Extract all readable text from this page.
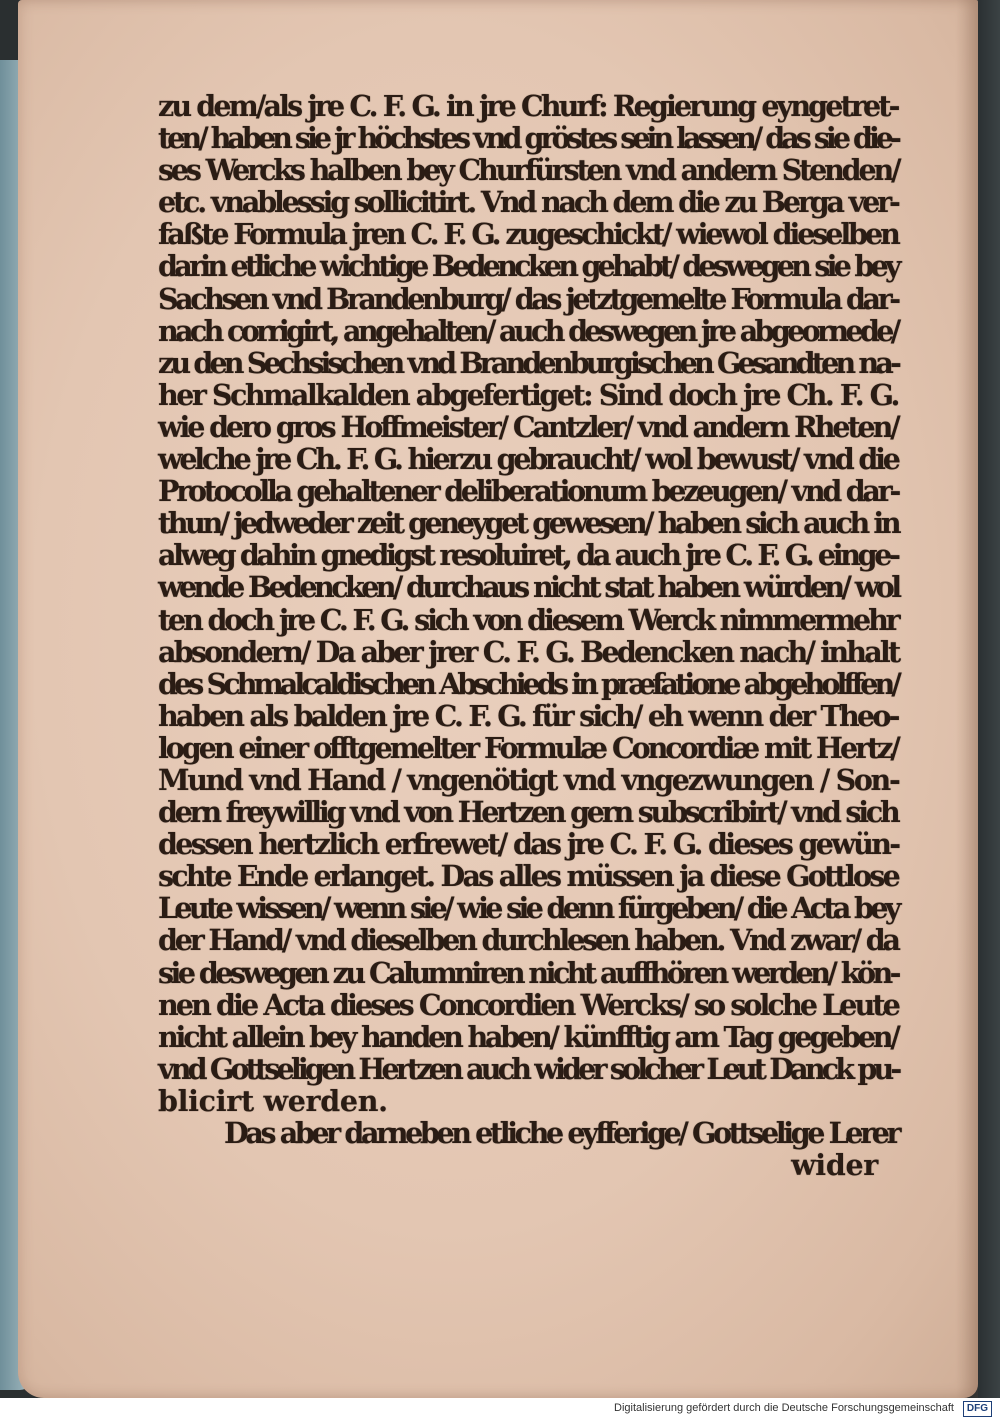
zu dem/als jre C. F. G. in jre Churf: Regierung eyngetret-
ten/ haben sie jr höchstes vnd gröstes sein lassen/ das sie die-
ses Wercks halben bey Churfürsten vnd andern Stenden/
etc. vnablessig sollicitirt. Vnd nach dem die zu Berga ver-
faßte Formula jren C. F. G. zugeschickt/ wiewol dieselben
darin etliche wichtige Bedencken gehabt/ deswegen sie bey
Sachsen vnd Brandenburg/ das jetztgemelte Formula dar-
nach corrigirt, angehalten/ auch deswegen jre abgeornede/
zu den Sechsischen vnd Brandenburgischen Gesandten na-
her Schmalkalden abgefertiget: Sind doch jre Ch. F. G.
wie dero gros Hoffmeister/ Cantzler/ vnd andern Rheten/
welche jre Ch. F. G. hierzu gebraucht/ wol bewust/ vnd die
Protocolla gehaltener deliberationum bezeugen/ vnd dar-
thun/ jedweder zeit geneyget gewesen/ haben sich auch in
alweg dahin gnedigst resoluiret, da auch jre C. F. G. einge-
wende Bedencken/ durchaus nicht stat haben würden/ wol
ten doch jre C. F. G. sich von diesem Werck nimmermehr
absondern/ Da aber jrer C. F. G. Bedencken nach/ inhalt
des Schmalcaldischen Abschieds in præfatione abgeholffen/
haben als balden jre C. F. G. für sich/ eh wenn der Theo-
logen einer offtgemelter Formulæ Concordiæ mit Hertz/
Mund vnd Hand / vngenötigt vnd vngezwungen / Son-
dern freywillig vnd von Hertzen gern subscribirt/ vnd sich
dessen hertzlich erfrewet/ das jre C. F. G. dieses gewün-
schte Ende erlanget. Das alles müssen ja diese Gottlose
Leute wissen/ wenn sie/ wie sie denn fürgeben/ die Acta bey
der Hand/ vnd dieselben durchlesen haben. Vnd zwar/ da
sie deswegen zu Calumniren nicht auffhören werden/ kön-
nen die Acta dieses Concordien Wercks/ so solche Leute
nicht allein bey handen haben/ künfftig am Tag gegeben/
vnd Gottseligen Hertzen auch wider solcher Leut Danck pu-
blicirt werden.
Das aber darneben etliche eyfferige/ Gottselige Lerer
wider
Digitalisierung gefördert durch die Deutsche Forschungsgemeinschaft	DFG
